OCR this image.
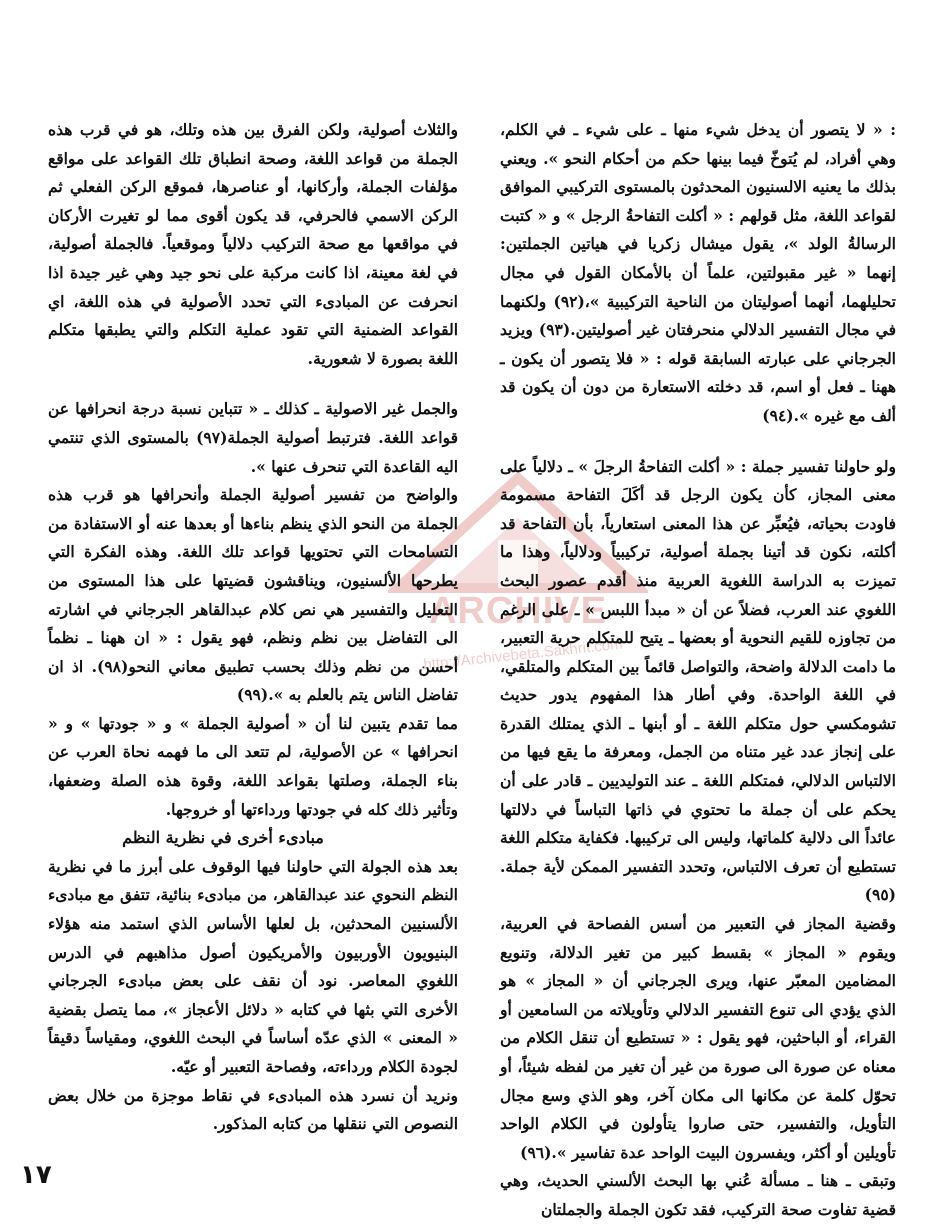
ARCHIVE
http://Archivebeta.Sakhrit.com

: « لا يتصور أن يدخل شيء منها ـ على شيء ـ في الكلم، وهي أفراد، لم يُتوخّ فيما بينها حكم من أحكام النحو ». ويعني بذلك ما يعنيه الالسنيون المحدثون بالمستوى التركيبي الموافق لقواعد اللغة، مثل قولهم : « أكلت التفاحةُ الرجل » و « كتبت الرسالةُ الولد »، يقول ميشال زكريا في هياتين الجملتين: إنهما « غير مقبولتين، علماً أن بالأمكان القول في مجال تحليلهما، أنهما أصوليتان من الناحية التركيبية »،(٩٢) ولكنهما في مجال التفسير الدلالي منحرفتان غير أصوليتين.(٩٣) ويزيد الجرجاني على عبارته السابقة قوله : « فلا يتصور أن يكون ـ ههنا ـ فعل أو اسم، قد دخلته الاستعارة من دون أن يكون قد ألف مع غيره ».(٩٤)

ولو حاولنا تفسير جملة : « أكلت التفاحةُ الرجلَ » ـ دلالياً على معنى المجاز، كأن يكون الرجل قد أكَلَ التفاحة مسمومة فاودت بحياته، فيُعبِّر عن هذا المعنى استعارياً، بأن التفاحة قد أكلته، نكون قد أتينا بجملة أصولية، تركيبياً ودلالياً، وهذا ما تميزت به الدراسة اللغوية العربية منذ أقدم عصور البحث اللغوي عند العرب، فضلاً عن أن « مبدأ اللبس » ـ على الرغم من تجاوزه للقيم النحوية أو بعضها ـ يتيح للمتكلم حرية التعبير، ما دامت الدلالة واضحة، والتواصل قائماً بين المتكلم والمتلقي، في اللغة الواحدة. وفي أطار هذا المفهوم يدور حديث تشومكسي حول متكلم اللغة ـ أو أبنها ـ الذي يمتلك القدرة على إنجاز عدد غير متناه من الجمل، ومعرفة ما يقع فيها من الالتباس الدلالي، فمتكلم اللغة ـ عند التوليديين ـ قادر على أن يحكم على أن جملة ما تحتوي في ذاتها التباساً في دلالتها عائداً الى دلالية كلماتها، وليس الى تركيبها. فكفاية متكلم اللغة تستطيع أن تعرف الالتباس، وتحدد التفسير الممكن لأية جملة.(٩٥)

وقضية المجاز في التعبير من أسس الفصاحة في العربية، ويقوم « المجاز » بقسط كبير من تغير الدلالة، وتنويع المضامين المعبّر عنها، ويرى الجرجاني أن « المجاز » هو الذي يؤدي الى تنوع التفسير الدلالي وتأويلاته من السامعين أو القراء، أو الباحثين، فهو يقول : « تستطيع أن تنقل الكلام من معناه عن صورة الى صورة من غير أن تغير من لفظه شيئاً، أو تحوّل كلمة عن مكانها الى مكان آخر، وهو الذي وسع مجال التأويل، والتفسير، حتى صاروا يتأولون في الكلام الواحد تأويلين أو أكثر، ويفسرون البيت الواحد عدة تفاسير ».(٩٦)

وتبقى ـ هنا ـ مسألة عُني بها البحث الألسني الحديث، وهي قضية تفاوت صحة التركيب، فقد تكون الجملة والجملتان

والثلاث أصولية، ولكن الفرق بين هذه وتلك، هو في قرب هذه الجملة من قواعد اللغة، وصحة انطباق تلك القواعد على مواقع مؤلفات الجملة، وأركانها، أو عناصرها، فموقع الركن الفعلي ثم الركن الاسمي فالحرفي، قد يكون أقوى مما لو تغيرت الأركان في مواقعها مع صحة التركيب دلالياً وموقعياً. فالجملة أصولية، في لغة معينة، اذا كانت مركبة على نحو جيد وهي غير جيدة اذا انحرفت عن المبادىء التي تحدد الأصولية في هذه اللغة، اي القواعد الضمنية التي تقود عملية التكلم والتي يطبقها متكلم اللغة بصورة لا شعورية.

والجمل غير الاصولية ـ كذلك ـ « تتباين نسبة درجة انحرافها عن قواعد اللغة. فترتبط أصولية الجملة(٩٧) بالمستوى الذي تنتمي اليه القاعدة التي تنحرف عنها ».

والواضح من تفسير أصولية الجملة وأنحرافها هو قرب هذه الجملة من النحو الذي ينظم بناءها أو بعدها عنه أو الاستفادة من التسامحات التي تحتويها قواعد تلك اللغة. وهذه الفكرة التي يطرحها الألسنيون، ويناقشون قضيتها على هذا المستوى من التعليل والتفسير هي نص كلام عبدالقاهر الجرجاني في اشارته الى التفاضل بين نظم ونظم، فهو يقول : « ان ههنا ـ نظماً أحسن من نظم وذلك بحسب تطبيق معاني النحو(٩٨). اذ ان تفاضل الناس يتم بالعلم به ».(٩٩)

مما تقدم يتبين لنا أن « أصولية الجملة » و « جودتها » و « انحرافها » عن الأصولية، لم تتعد الى ما فهمه نحاة العرب عن بناء الجملة، وصلتها بقواعد اللغة، وقوة هذه الصلة وضعفها، وتأثير ذلك كله في جودتها ورداءتها أو خروجها.

مبادىء أخرى في نظرية النظم

بعد هذه الجولة التي حاولنا فيها الوقوف على أبرز ما في نظرية النظم النحوي عند عبدالقاهر، من مبادىء بنائية، تتفق مع مبادىء الألسنيين المحدثين، بل لعلها الأساس الذي استمد منه هؤلاء البنيويون الأوربيون والأمريكيون أصول مذاهبهم في الدرس اللغوي المعاصر. نود أن نقف على بعض مبادىء الجرجاني الأخرى التي بثها في كتابه « دلائل الأعجاز »، مما يتصل بقضية « المعنى » الذي عدّه أساساً في البحث اللغوي، ومقياساً دقيقاً لجودة الكلام ورداءته، وفصاحة التعبير أو عيّه.

ونريد أن نسرد هذه المبادىء في نقاط موجزة من خلال بعض النصوص التي ننقلها من كتابه المذكور.

١٧
